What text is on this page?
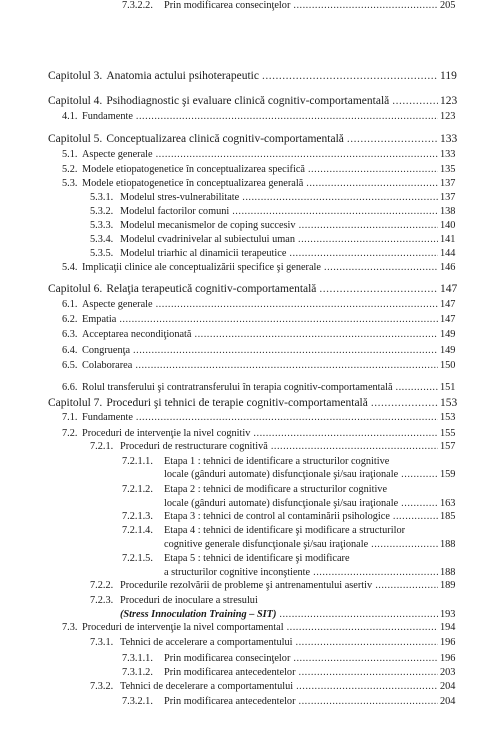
Capitolul 3. Anatomia actului psihoterapeutic .....	119
Capitolul 4. Psihodiagnostic şi evaluare clinică cognitiv-comportamentală .....	123
4.1. Fundamente .....	123
Capitolul 5. Conceptualizarea clinică cognitiv-comportamentală .....	133
5.1. Aspecte generale .....	133
5.2. Modele etiopatogenetice în conceptualizarea specifică .....	135
5.3. Modele etiopatogenetice în conceptualizarea generală .....	137
5.3.1. Modelul stres-vulnerabilitate .....	137
5.3.2. Modelul factorilor comuni .....	138
5.3.3. Modelul mecanismelor de coping succesiv .....	140
5.3.4. Modelul cvadrinivelar al subiectului uman .....	141
5.3.5. Modelul triarhic al dinamicii terapeutice .....	144
5.4. Implicaţii clinice ale conceptualizării specifice şi generale .....	146
Capitolul 6. Relaţia terapeutică cognitiv-comportamentală .....	147
6.1. Aspecte generale .....	147
6.2. Empatia .....	147
6.3. Acceptarea necondiţionată .....	149
6.4. Congruenţa .....	149
6.5. Colaborarea .....	150
6.6. Rolul transferului şi contratransferului în terapia cognitiv-comportamentală .....	151
Capitolul 7. Proceduri şi tehnici de terapie cognitiv-comportamentală .....	153
7.1. Fundamente .....	153
7.2. Proceduri de intervenţie la nivel cognitiv .....	155
7.2.1. Proceduri de restructurare cognitivă .....	157
7.2.1.1.	Etapa 1 : tehnici de identificare a structurilor cognitive
locale (gânduri automate) disfuncţionale şi/sau iraţionale .....	159
7.2.1.2.	Etapa 2 : tehnici de modificare a structurilor cognitive
locale (gânduri automate) disfuncţionale şi/sau iraţionale .....	163
7.2.1.3.	Etapa 3 : tehnici de control al contaminării psihologice .....	185
7.2.1.4.	Etapa 4 : tehnici de identificare şi modificare a structurilor
cognitive generale disfuncţionale şi/sau iraţionale .....	188
7.2.1.5.	Etapa 5 : tehnici de identificare şi modificare
a structurilor cognitive inconştiente .....	188
7.2.2. Procedurile rezolvării de probleme şi antrenamentului asertiv .....	189
7.2.3. Proceduri de inoculare a stresului
(Stress Innoculation Training – SIT) .....	193
7.3. Proceduri de intervenţie la nivel comportamental .....	194
7.3.1. Tehnici de accelerare a comportamentului .....	196
7.3.1.1.	Prin modificarea consecinţelor .....	196
7.3.1.2.	Prin modificarea antecedentelor .....	203
7.3.2. Tehnici de decelerare a comportamentului .....	204
7.3.2.1.	Prin modificarea antecedentelor .....	204
7.3.2.2.	Prin modificarea consecinţelor .....	205
